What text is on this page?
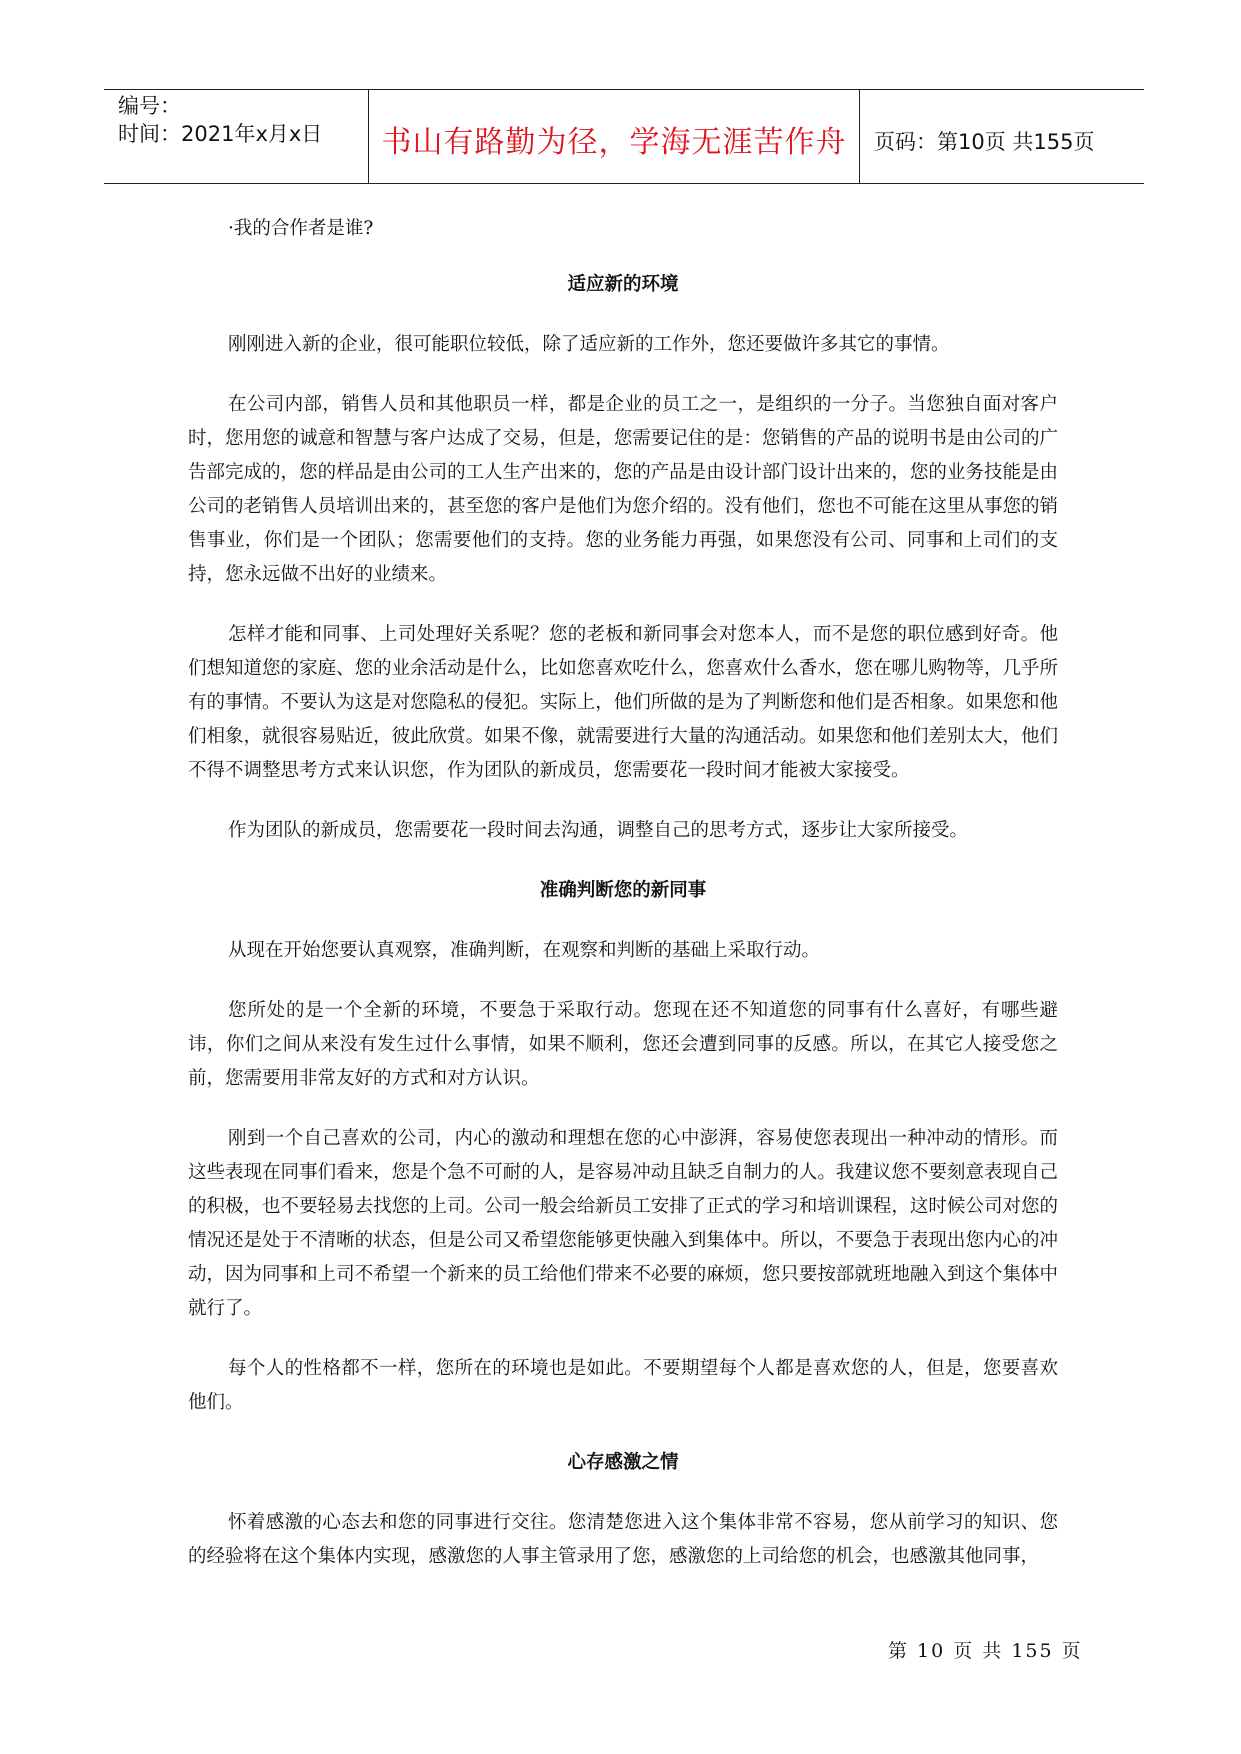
编号：
时间：2021年x月x日 书山有路勤为径，学海无涯苦作舟 页码：第10页 共155页

·我的合作者是谁?

适应新的环境

刚刚进入新的企业，很可能职位较低，除了适应新的工作外，您还要做许多其它的事情。

在公司内部，销售人员和其他职员一样，都是企业的员工之一，是组织的一分子。当您独自面对客户时，您用您的诚意和智慧与客户达成了交易，但是，您需要记住的是：您销售的产品的说明书是由公司的广告部完成的，您的样品是由公司的工人生产出来的，您的产品是由设计部门设计出来的，您的业务技能是由公司的老销售人员培训出来的，甚至您的客户是他们为您介绍的。没有他们，您也不可能在这里从事您的销售事业，你们是一个团队；您需要他们的支持。您的业务能力再强，如果您没有公司、同事和上司们的支持，您永远做不出好的业绩来。

怎样才能和同事、上司处理好关系呢？您的老板和新同事会对您本人，而不是您的职位感到好奇。他们想知道您的家庭、您的业余活动是什么，比如您喜欢吃什么，您喜欢什么香水，您在哪儿购物等，几乎所有的事情。不要认为这是对您隐私的侵犯。实际上，他们所做的是为了判断您和他们是否相象。如果您和他们相象，就很容易贴近，彼此欣赏。如果不像，就需要进行大量的沟通活动。如果您和他们差别太大，他们不得不调整思考方式来认识您，作为团队的新成员，您需要花一段时间才能被大家接受。

作为团队的新成员，您需要花一段时间去沟通，调整自己的思考方式，逐步让大家所接受。

准确判断您的新同事

从现在开始您要认真观察，准确判断，在观察和判断的基础上采取行动。

您所处的是一个全新的环境，不要急于采取行动。您现在还不知道您的同事有什么喜好，有哪些避讳，你们之间从来没有发生过什么事情，如果不顺利，您还会遭到同事的反感。所以，在其它人接受您之前，您需要用非常友好的方式和对方认识。

刚到一个自己喜欢的公司，内心的激动和理想在您的心中澎湃，容易使您表现出一种冲动的情形。而这些表现在同事们看来，您是个急不可耐的人，是容易冲动且缺乏自制力的人。我建议您不要刻意表现自己的积极，也不要轻易去找您的上司。公司一般会给新员工安排了正式的学习和培训课程，这时候公司对您的情况还是处于不清晰的状态，但是公司又希望您能够更快融入到集体中。所以，不要急于表现出您内心的冲动，因为同事和上司不希望一个新来的员工给他们带来不必要的麻烦，您只要按部就班地融入到这个集体中就行了。

每个人的性格都不一样，您所在的环境也是如此。不要期望每个人都是喜欢您的人，但是，您要喜欢他们。

心存感激之情

怀着感激的心态去和您的同事进行交往。您清楚您进入这个集体非常不容易，您从前学习的知识、您的经验将在这个集体内实现，感激您的人事主管录用了您，感激您的上司给您的机会，也感激其他同事，

第 10 页 共 155 页
